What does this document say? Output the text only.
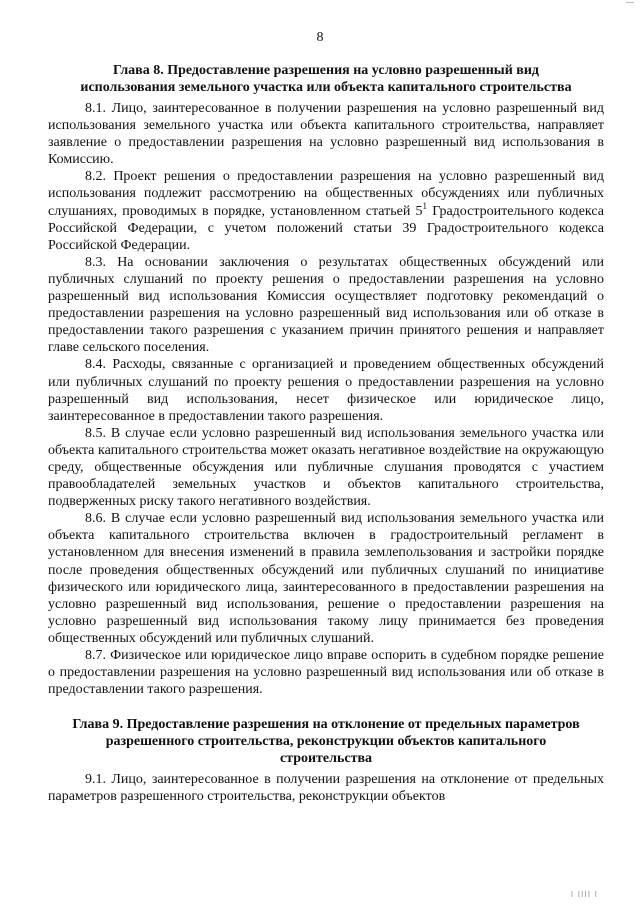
8

Глава 8. Предоставление разрешения на условно разрешенный вид
использования земельного участка или объекта капитального строительства

8.1. Лицо, заинтересованное в получении разрешения на условно разрешенный вид использования земельного участка или объекта капитального строительства, направляет заявление о предоставлении разрешения на условно разрешенный вид использования в Комиссию.

8.2. Проект решения о предоставлении разрешения на условно разрешенный вид использования подлежит рассмотрению на общественных обсуждениях или публичных слушаниях, проводимых в порядке, установленном статьей $5^1$ Градостроительного кодекса Российской Федерации, с учетом положений статьи 39 Градостроительного кодекса Российской Федерации.

8.3. На основании заключения о результатах общественных обсуждений или публичных слушаний по проекту решения о предоставлении разрешения на условно разрешенный вид использования Комиссия осуществляет подготовку рекомендаций о предоставлении разрешения на условно разрешенный вид использования или об отказе в предоставлении такого разрешения с указанием причин принятого решения и направляет главе сельского поселения.

8.4. Расходы, связанные с организацией и проведением общественных обсуждений или публичных слушаний по проекту решения о предоставлении разрешения на условно разрешенный вид использования, несет физическое или юридическое лицо, заинтересованное в предоставлении такого разрешения.

8.5. В случае если условно разрешенный вид использования земельного участка или объекта капитального строительства может оказать негативное воздействие на окружающую среду, общественные обсуждения или публичные слушания проводятся с участием правообладателей земельных участков и объектов капитального строительства, подверженных риску такого негативного воздействия.

8.6. В случае если условно разрешенный вид использования земельного участка или объекта капитального строительства включен в градостроительный регламент в установленном для внесения изменений в правила землепользования и застройки порядке после проведения общественных обсуждений или публичных слушаний по инициативе физического или юридического лица, заинтересованного в предоставлении разрешения на условно разрешенный вид использования, решение о предоставлении разрешения на условно разрешенный вид использования такому лицу принимается без проведения общественных обсуждений или публичных слушаний.

8.7. Физическое или юридическое лицо вправе оспорить в судебном порядке решение о предоставлении разрешения на условно разрешенный вид использования или об отказе в предоставлении такого разрешения.

Глава 9. Предоставление разрешения на отклонение от предельных параметров
разрешенного строительства, реконструкции объектов капитального
строительства

9.1. Лицо, заинтересованное в получении разрешения на отклонение от предельных параметров разрешенного строительства, реконструкции объектов

I IIII I
